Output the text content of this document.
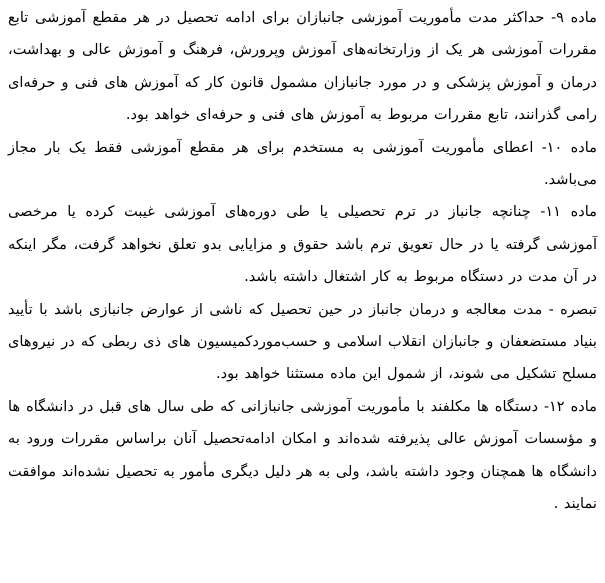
ماده ۹- حداکثر مدت مأموریت آموزشی جانبازان برای ادامه تحصیل در هر مقطع آموزشی تابع مقررات آموزشی هر یک از وزارتخانه‌های آموزش وپرورش، فرهنگ و آموزش عالی و بهداشت، درمان و آموزش پزشکی و در مورد جانبازان مشمول قانون کار که آموزش های فنی و حرفه‌ای رامی گذرانند، تابع مقررات مربوط به آموزش های فنی و حرفه‌ای خواهد بود.

ماده ۱۰- اعطای مأموریت آموزشی به مستخدم برای هر مقطع آموزشی فقط یک بار مجاز می‌باشد.

ماده ۱۱- چنانچه جانباز در ترم تحصیلی یا طی دوره‌های آموزشی غیبت کرده یا مرخصی آموزشی گرفته یا در حال تعویق ترم باشد حقوق و مزایایی بدو تعلق نخواهد گرفت، مگر اینکه در آن مدت در دستگاه مربوط به کار اشتغال داشته باشد.

تبصره - مدت معالجه و درمان جانباز در حین تحصیل که ناشی از عوارض جانبازی باشد با تأیید بنیاد مستضعفان و جانبازان انقلاب اسلامی و حسب‌موردکمیسیون های ذی ربطی که در نیروهای مسلح تشکیل می شوند، از شمول این ماده مستثنا خواهد بود.

ماده ۱۲- دستگاه ها مکلفند با مأموریت آموزشی جانبازانی که طی سال های قبل در دانشگاه ها و مؤسسات آموزش عالی پذیرفته شده‌اند و امکان ادامه‌تحصیل آنان براساس مقررات ورود به دانشگاه ها همچنان وجود داشته باشد، ولی به هر دلیل دیگری مأمور به تحصیل نشده‌اند موافقت نمایند .
